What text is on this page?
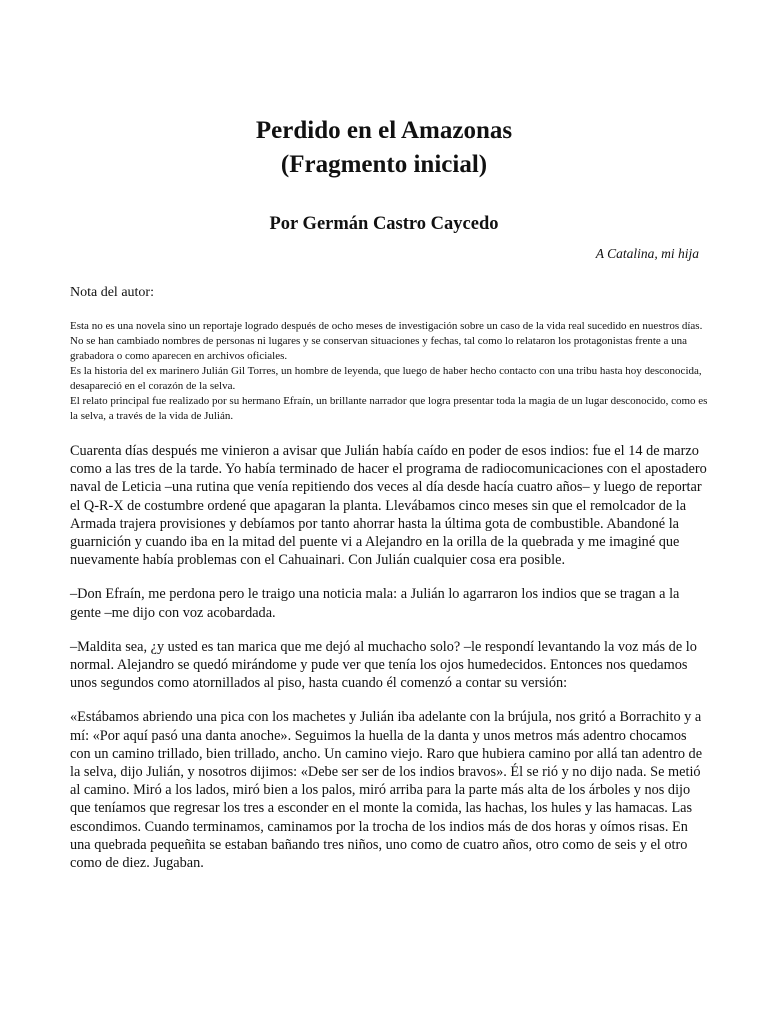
Perdido en el Amazonas
(Fragmento inicial)
Por Germán Castro Caycedo

A Catalina, mi hija

Nota del autor:

Esta no es una novela sino un reportaje logrado después de ocho meses de investigación sobre un caso de la vida real sucedido en nuestros días. No se han cambiado nombres de personas ni lugares y se conservan situaciones y fechas, tal como lo relataron los protagonistas frente a una grabadora o como aparecen en archivos oficiales.

Es la historia del ex marinero Julián Gil Torres, un hombre de leyenda, que luego de haber hecho contacto con una tribu hasta hoy desconocida, desapareció en el corazón de la selva.

El relato principal fue realizado por su hermano Efraín, un brillante narrador que logra presentar toda la magia de un lugar desconocido, como es la selva, a través de la vida de Julián.

Cuarenta días después me vinieron a avisar que Julián había caído en poder de esos indios: fue el 14 de marzo como a las tres de la tarde. Yo había terminado de hacer el programa de radiocomunicaciones con el apostadero naval de Leticia –una rutina que venía repitiendo dos veces al día desde hacía cuatro años– y luego de reportar el Q-R-X de costumbre ordené que apagaran la planta. Llevábamos cinco meses sin que el remolcador de la Armada trajera provisiones y debíamos por tanto ahorrar hasta la última gota de combustible. Abandoné la guarnición y cuando iba en la mitad del puente vi a Alejandro en la orilla de la quebrada y me imaginé que nuevamente había problemas con el Cahuainari. Con Julián cualquier cosa era posible.

–Don Efraín, me perdona pero le traigo una noticia mala: a Julián lo agarraron los indios que se tragan a la gente –me dijo con voz acobardada.

–Maldita sea, ¿y usted es tan marica que me dejó al muchacho solo? –le respondí levantando la voz más de lo normal. Alejandro se quedó mirándome y pude ver que tenía los ojos humedecidos. Entonces nos quedamos unos segundos como atornillados al piso, hasta cuando él comenzó a contar su versión:

«Estábamos abriendo una pica con los machetes y Julián iba adelante con la brújula, nos gritó a Borrachito y a mí: «Por aquí pasó una danta anoche». Seguimos la huella de la danta y unos metros más adentro chocamos con un camino trillado, bien trillado, ancho. Un camino viejo. Raro que hubiera camino por allá tan adentro de la selva, dijo Julián, y nosotros dijimos: «Debe ser ser de los indios bravos». Él se rió y no dijo nada. Se metió al camino. Miró a los lados, miró bien a los palos, miró arriba para la parte más alta de los árboles y nos dijo que teníamos que regresar los tres a esconder en el monte la comida, las hachas, los hules y las hamacas. Las escondimos. Cuando terminamos, caminamos por la trocha de los indios más de dos horas y oímos risas. En una quebrada pequeñita se estaban bañando tres niños, uno como de cuatro años, otro como de seis y el otro como de diez. Jugaban.
